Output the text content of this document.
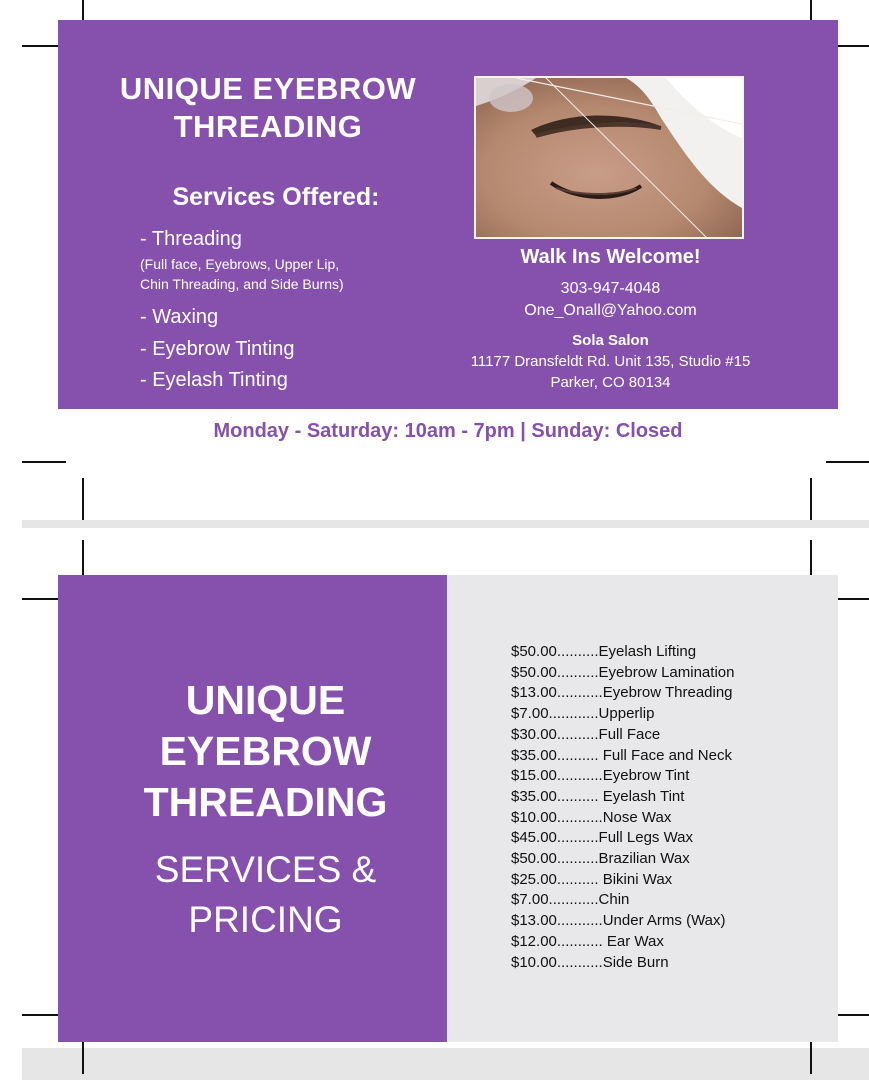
UNIQUE EYEBROW
THREADING
Services Offered:
- Threading
(Full face, Eyebrows, Upper Lip,
Chin Threading, and Side Burns)
- Waxing
- Eyebrow Tinting
- Eyelash Tinting
Walk Ins Welcome!
303-947-4048
One_Onall@Yahoo.com
Sola Salon
11177 Dransfeldt Rd. Unit 135, Studio #15
Parker, CO 80134
Monday - Saturday: 10am - 7pm | Sunday: Closed
UNIQUE
EYEBROW
THREADING
SERVICES &
PRICING
$50.00..........Eyelash Lifting
$50.00..........Eyebrow Lamination
$13.00...........Eyebrow Threading
$7.00............Upperlip
$30.00..........Full Face
$35.00.......... Full Face and Neck
$15.00...........Eyebrow Tint
$35.00.......... Eyelash Tint
$10.00...........Nose Wax
$45.00..........Full Legs Wax
$50.00..........Brazilian Wax
$25.00.......... Bikini Wax
$7.00............Chin
$13.00...........Under Arms (Wax)
$12.00........... Ear Wax
$10.00...........Side Burn
